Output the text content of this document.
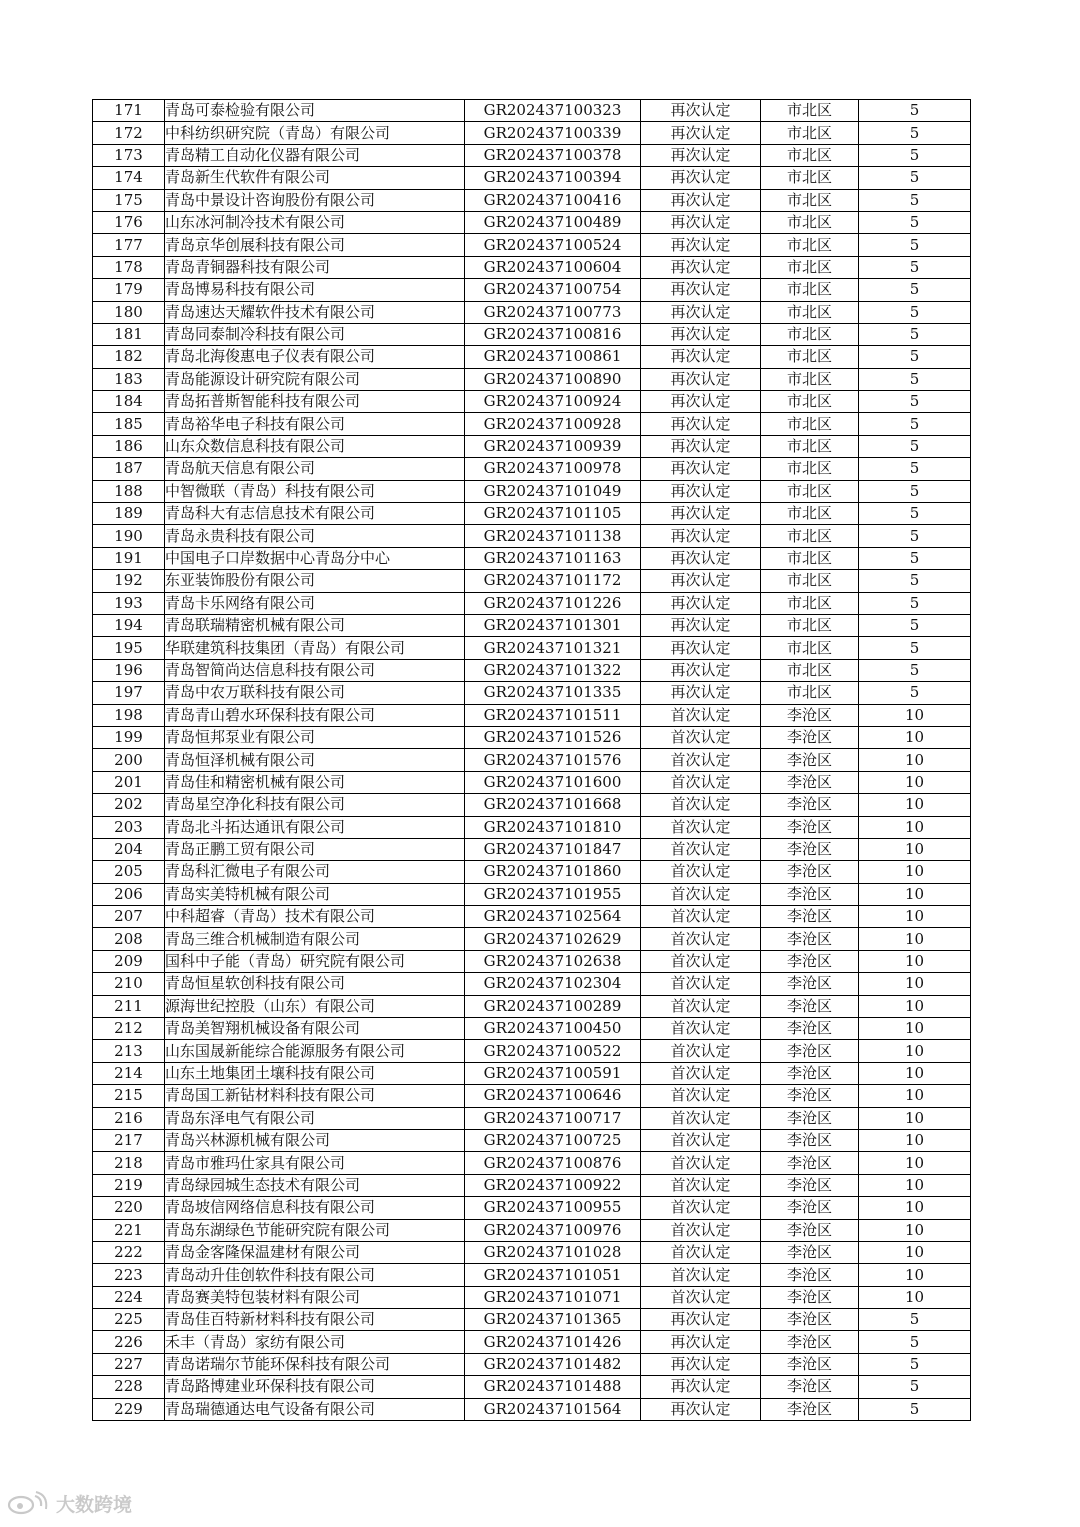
171	青岛可泰检验有限公司	GR202437100323	再次认定	市北区	5
172	中科纺织研究院（青岛）有限公司	GR202437100339	再次认定	市北区	5
173	青岛精工自动化仪器有限公司	GR202437100378	再次认定	市北区	5
174	青岛新生代软件有限公司	GR202437100394	再次认定	市北区	5
175	青岛中景设计咨询股份有限公司	GR202437100416	再次认定	市北区	5
176	山东冰河制冷技术有限公司	GR202437100489	再次认定	市北区	5
177	青岛京华创展科技有限公司	GR202437100524	再次认定	市北区	5
178	青岛青铜器科技有限公司	GR202437100604	再次认定	市北区	5
179	青岛博易科技有限公司	GR202437100754	再次认定	市北区	5
180	青岛速达天耀软件技术有限公司	GR202437100773	再次认定	市北区	5
181	青岛同泰制冷科技有限公司	GR202437100816	再次认定	市北区	5
182	青岛北海俊惠电子仪表有限公司	GR202437100861	再次认定	市北区	5
183	青岛能源设计研究院有限公司	GR202437100890	再次认定	市北区	5
184	青岛拓普斯智能科技有限公司	GR202437100924	再次认定	市北区	5
185	青岛裕华电子科技有限公司	GR202437100928	再次认定	市北区	5
186	山东众数信息科技有限公司	GR202437100939	再次认定	市北区	5
187	青岛航天信息有限公司	GR202437100978	再次认定	市北区	5
188	中智微联（青岛）科技有限公司	GR202437101049	再次认定	市北区	5
189	青岛科大有志信息技术有限公司	GR202437101105	再次认定	市北区	5
190	青岛永贵科技有限公司	GR202437101138	再次认定	市北区	5
191	中国电子口岸数据中心青岛分中心	GR202437101163	再次认定	市北区	5
192	东亚装饰股份有限公司	GR202437101172	再次认定	市北区	5
193	青岛卡乐网络有限公司	GR202437101226	再次认定	市北区	5
194	青岛联瑞精密机械有限公司	GR202437101301	再次认定	市北区	5
195	华联建筑科技集团（青岛）有限公司	GR202437101321	再次认定	市北区	5
196	青岛智简尚达信息科技有限公司	GR202437101322	再次认定	市北区	5
197	青岛中农万联科技有限公司	GR202437101335	再次认定	市北区	5
198	青岛青山碧水环保科技有限公司	GR202437101511	首次认定	李沧区	10
199	青岛恒邦泵业有限公司	GR202437101526	首次认定	李沧区	10
200	青岛恒泽机械有限公司	GR202437101576	首次认定	李沧区	10
201	青岛佳和精密机械有限公司	GR202437101600	首次认定	李沧区	10
202	青岛星空净化科技有限公司	GR202437101668	首次认定	李沧区	10
203	青岛北斗拓达通讯有限公司	GR202437101810	首次认定	李沧区	10
204	青岛正鹏工贸有限公司	GR202437101847	首次认定	李沧区	10
205	青岛科汇微电子有限公司	GR202437101860	首次认定	李沧区	10
206	青岛实美特机械有限公司	GR202437101955	首次认定	李沧区	10
207	中科超睿（青岛）技术有限公司	GR202437102564	首次认定	李沧区	10
208	青岛三维合机械制造有限公司	GR202437102629	首次认定	李沧区	10
209	国科中子能（青岛）研究院有限公司	GR202437102638	首次认定	李沧区	10
210	青岛恒星软创科技有限公司	GR202437102304	首次认定	李沧区	10
211	源海世纪控股（山东）有限公司	GR202437100289	首次认定	李沧区	10
212	青岛美智翔机械设备有限公司	GR202437100450	首次认定	李沧区	10
213	山东国晟新能综合能源服务有限公司	GR202437100522	首次认定	李沧区	10
214	山东土地集团土壤科技有限公司	GR202437100591	首次认定	李沧区	10
215	青岛国工新钻材料科技有限公司	GR202437100646	首次认定	李沧区	10
216	青岛东泽电气有限公司	GR202437100717	首次认定	李沧区	10
217	青岛兴林源机械有限公司	GR202437100725	首次认定	李沧区	10
218	青岛市雅玛仕家具有限公司	GR202437100876	首次认定	李沧区	10
219	青岛绿园城生态技术有限公司	GR202437100922	首次认定	李沧区	10
220	青岛坡信网络信息科技有限公司	GR202437100955	首次认定	李沧区	10
221	青岛东湖绿色节能研究院有限公司	GR202437100976	首次认定	李沧区	10
222	青岛金客隆保温建材有限公司	GR202437101028	首次认定	李沧区	10
223	青岛动升佳创软件科技有限公司	GR202437101051	首次认定	李沧区	10
224	青岛赛美特包装材料有限公司	GR202437101071	首次认定	李沧区	10
225	青岛佳百特新材料科技有限公司	GR202437101365	再次认定	李沧区	5
226	禾丰（青岛）家纺有限公司	GR202437101426	再次认定	李沧区	5
227	青岛诺瑞尔节能环保科技有限公司	GR202437101482	再次认定	李沧区	5
228	青岛路博建业环保科技有限公司	GR202437101488	再次认定	李沧区	5
229	青岛瑞德通达电气设备有限公司	GR202437101564	再次认定	李沧区	5
大数跨境
